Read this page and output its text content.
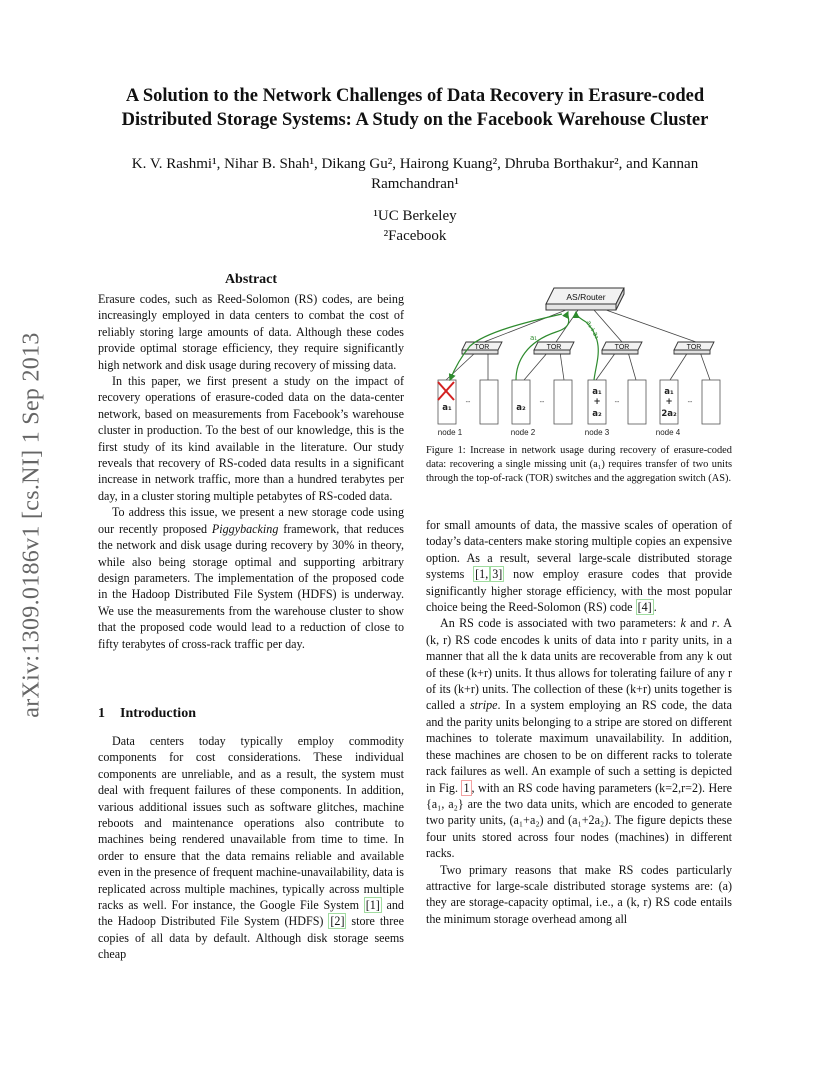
arXiv:1309.0186v1 [cs.NI] 1 Sep 2013
A Solution to the Network Challenges of Data Recovery in Erasure-coded
Distributed Storage Systems: A Study on the Facebook Warehouse Cluster
K. V. Rashmi¹, Nihar B. Shah¹, Dikang Gu², Hairong Kuang², Dhruba Borthakur², and Kannan
Ramchandran¹
¹UC Berkeley
²Facebook
Abstract

Erasure codes, such as Reed-Solomon (RS) codes, are being increasingly employed in data centers to combat the cost of reliably storing large amounts of data. Although these codes provide optimal storage efficiency, they require significantly high network and disk usage during recovery of missing data.

In this paper, we first present a study on the impact of recovery operations of erasure-coded data on the data-center network, based on measurements from Facebook’s warehouse cluster in production. To the best of our knowledge, this is the first study of its kind available in the literature. Our study reveals that recovery of RS-coded data results in a significant increase in network traffic, more than a hundred terabytes per day, in a cluster storing multiple petabytes of RS-coded data.

To address this issue, we present a new storage code using our recently proposed Piggybacking framework, that reduces the network and disk usage during recovery by 30% in theory, while also being storage optimal and supporting arbitrary design parameters. The implementation of the proposed code in the Hadoop Distributed File System (HDFS) is underway. We use the measurements from the warehouse cluster to show that the proposed code would lead to a reduction of close to fifty terabytes of cross-rack traffic per day.

1 Introduction

Data centers today typically employ commodity components for cost considerations. These individual components are unreliable, and as a result, the system must deal with frequent failures of these components. In addition, various additional issues such as software glitches, machine reboots and maintenance operations also contribute to machines being rendered unavailable from time to time. In order to ensure that the data remains reliable and available even in the presence of frequent machine-unavailability, data is replicated across multiple machines, typically across multiple racks as well. For instance, the Google File System [1] and the Hadoop Distributed File System (HDFS) [2] store three copies of all data by default. Although disk storage seems cheap

AS/Router
TOR	TOR	TOR	TOR
--	--	--	--
a₁	a₂
a₁
+
a₂
a₁
+
2a₂
a₁	a₁+a₂
node 1	node 2	node 3	node 4
Figure 1: Increase in network usage during recovery of erasure-coded data: recovering a single missing unit (a₁) requires transfer of two units through the top-of-rack (TOR) switches and the aggregation switch (AS).

for small amounts of data, the massive scales of operation of today’s data-centers make storing multiple copies an expensive option. As a result, several large-scale distributed storage systems [1, 3] now employ erasure codes that provide significantly higher storage efficiency, with the most popular choice being the Reed-Solomon (RS) code [4] .

An RS code is associated with two parameters: k and r. A (k, r) RS code encodes k units of data into r parity units, in a manner that all the k data units are recoverable from any k out of these (k+r) units. It thus allows for tolerating failure of any r of its (k+r) units. The collection of these (k+r) units together is called a stripe. In a system employing an RS code, the data and the parity units belonging to a stripe are stored on different machines to tolerate maximum unavailability. In addition, these machines are chosen to be on different racks to tolerate rack failures as well. An example of such a setting is depicted in Fig. 1 , with an RS code having parameters (k=2,r=2). Here {a₁, a₂} are the two data units, which are encoded to generate two parity units, (a₁+a₂) and (a₁+2a₂). The figure depicts these four units stored across four nodes (machines) in different racks.

Two primary reasons that make RS codes particularly attractive for large-scale distributed storage systems are: (a) they are storage-capacity optimal, i.e., a (k, r) RS code entails the minimum storage overhead among all
